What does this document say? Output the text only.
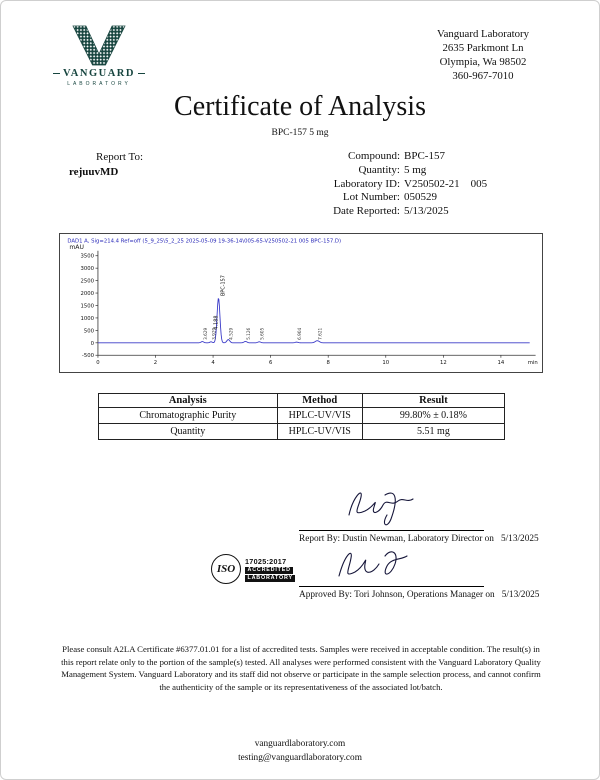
VANGUARD
LABORATORY
Vanguard Laboratory
2635 Parkmont Ln
Olympia, Wa 98502
360-967-7010
Certificate of Analysis
BPC-157 5 mg
Report To:
rejuuvMD
Compound: BPC-157
Quantity: 5 mg
Laboratory ID: V250502-21    005
Lot Number: 050529
Date Reported: 5/13/2025
DAD1 A, Sig=214.4 Ref=off (5_9_25\5_2_25 2025-05-09 19-36-14\005-65-V250502-21 005 BPC-157.D)
mAU
-500
0
500
1000
1500
2000
2500
3000
3500
0	2	4	6	8	10	12	14	min
BPC-157
4.188
3.629 3.929	4.529	5.126 5.605	6.904	7.621
Analysis	Method	Result
Chromatographic Purity	HPLC-UV/VIS	99.80% ± 0.18%
Quantity	HPLC-UV/VIS	5.51 mg
Report By: Dustin Newman, Laboratory Director on 5/13/2025
ISO
17025:2017
ACCREDITED
LABORATORY
Approved By: Tori Johnson, Operations Manager on 5/13/2025
Please consult A2LA Certificate #6377.01.01 for a list of accredited tests. Samples were received in acceptable condition. The result(s) in this report relate only to the portion of the sample(s) tested. All analyses were performed consistent with the Vanguard Laboratory Quality Management System. Vanguard Laboratory and its staff did not observe or participate in the sample selection process, and cannot confirm the authenticity of the sample or its representativeness of the associated lot/batch.
vanguardlaboratory.com
testing@vanguardlaboratory.com
